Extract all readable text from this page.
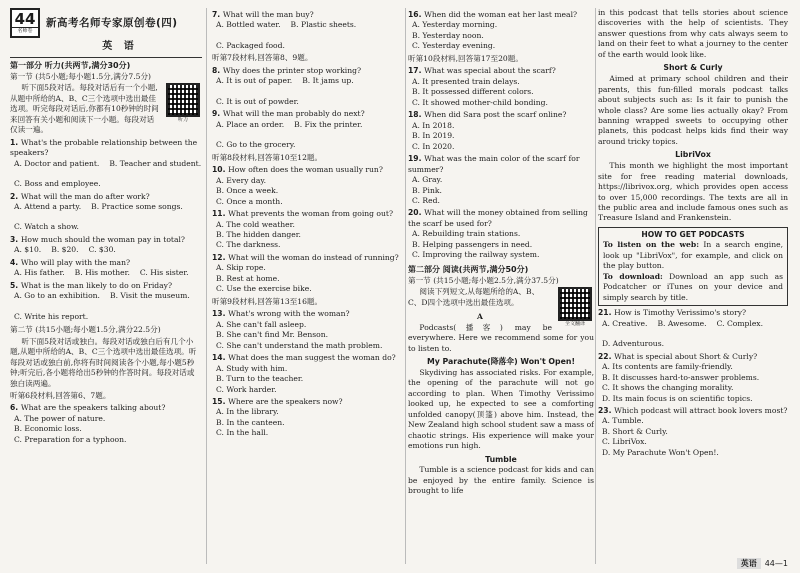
44
名师卷
新高考名师专家原创卷(四)
英 语
第一部分 听力(共两节,满分30分)
第一节 (共5小题;每小题1.5分,满分7.5分)
听力
听下面5段对话。每段对话后有一个小题,从题中所给的A、B、C三个选项中选出最佳选项。听完每段对话后,你都有10秒钟的时间来回答有关小题和阅读下一小题。每段对话仅读一遍。
1. What's the probable relationship between the speakers?
A. Doctor and patient. B. Teacher and student.
C. Boss and employee.
2. What will the man do after work?
A. Attend a party. B. Practice some songs.
C. Watch a show.
3. How much should the woman pay in total?
A. $10. B. $20. C. $30.
4. Who will play with the man?
A. His father. B. His mother. C. His sister.
5. What is the man likely to do on Friday?
A. Go to an exhibition. B. Visit the museum.
C. Write his report.
第二节 (共15小题;每小题1.5分,满分22.5分)
听下面5段对话或独白。每段对话或独白后有几个小题,从题中所给的A、B、C三个选项中选出最佳选项。听每段对话或独白前,你将有时间阅读各个小题,每小题5秒钟;听完后,各小题将给出5秒钟的作答时间。每段对话或独白读两遍。
听第6段材料,回答第6、7题。
6. What are the speakers talking about?
A. The power of nature.
B. Economic loss.
C. Preparation for a typhoon.
7. What will the man buy?
A. Bottled water. B. Plastic sheets.
C. Packaged food.
听第7段材料,回答第8、9题。
8. Why does the printer stop working?
A. It is out of paper. B. It jams up.
C. It is out of powder.
9. What will the man probably do next?
A. Place an order. B. Fix the printer.
C. Go to the grocery.
听第8段材料,回答第10至12题。
10. How often does the woman usually run?
A. Every day.
B. Once a week.
C. Once a month.
11. What prevents the woman from going out?
A. The cold weather.
B. The hidden danger.
C. The darkness.
12. What will the woman do instead of running?
A. Skip rope.
B. Rest at home.
C. Use the exercise bike.
听第9段材料,回答第13至16题。
13. What's wrong with the woman?
A. She can't fall asleep.
B. She can't find Mr. Benson.
C. She can't understand the math problem.
14. What does the man suggest the woman do?
A. Study with him.
B. Turn to the teacher.
C. Work harder.
15. Where are the speakers now?
A. In the library.
B. In the canteen.
C. In the hall.
16. When did the woman eat her last meal?
A. Yesterday morning.
B. Yesterday noon.
C. Yesterday evening.
听第10段材料,回答第17至20题。
17. What was special about the scarf?
A. It presented train delays.
B. It possessed different colors.
C. It showed mother-child bonding.
18. When did Sara post the scarf online?
A. In 2018.
B. In 2019.
C. In 2020.
19. What was the main color of the scarf for summer?
A. Gray.
B. Pink.
C. Red.
20. What will the money obtained from selling the scarf be used for?
A. Rebuilding train stations.
B. Helping passengers in need.
C. Improving the railway system.
第二部分 阅读(共两节,满分50分)
第一节 (共15小题;每小题2.5分,满分37.5分)
全文翻译
阅读下列短文,从每题所给的A、B、C、D四个选项中选出最佳选项。
A
Podcasts(播客) may be everywhere. Here we recommend some for you to listen to.
My Parachute(降落伞) Won't Open!
Skydiving has associated risks. For example, the opening of the parachute will not go according to plan. When Timothy Verissimo looked up, he expected to see a comforting unfolded canopy(顶篷) above him. Instead, the New Zealand high school student saw a mass of chaotic strings. His experience will make your emotions run high.
Tumble
Tumble is a science podcast for kids and can be enjoyed by the entire family. Science is brought to life
in this podcast that tells stories about science discoveries with the help of scientists. They answer questions from why cats always seem to land on their feet to what a journey to the center of the earth would look like.
Short & Curly
Aimed at primary school children and their parents, this fun-filled morals podcast talks about subjects such as: Is it fair to punish the whole class? Are some lies actually okay? From banning wrapped sweets to occupying other planets, this podcast helps kids find their way around tricky topics.
LibriVox
This month we highlight the most important site for free reading material downloads, https://librivox.org, which provides open access to over 15,000 recordings. The texts are all in the public area and include famous ones such as Treasure Island and Frankenstein.
HOW TO GET PODCASTS
To listen on the web: In a search engine, look up "LibriVox", for example, and click on the play button.
To download: Download an app such as Podcatcher or iTunes on your device and simply search by title.
21. How is Timothy Verissimo's story?
A. Creative. B. Awesome. C. Complex.
D. Adventurous.
22. What is special about Short & Curly?
A. Its contents are family-friendly.
B. It discusses hard-to-answer problems.
C. It shows the changing morality.
D. Its main focus is on scientific topics.
23. Which podcast will attract book lovers most?
A. Tumble.
B. Short & Curly.
C. LibriVox.
D. My Parachute Won't Open!.
英语	44—1
